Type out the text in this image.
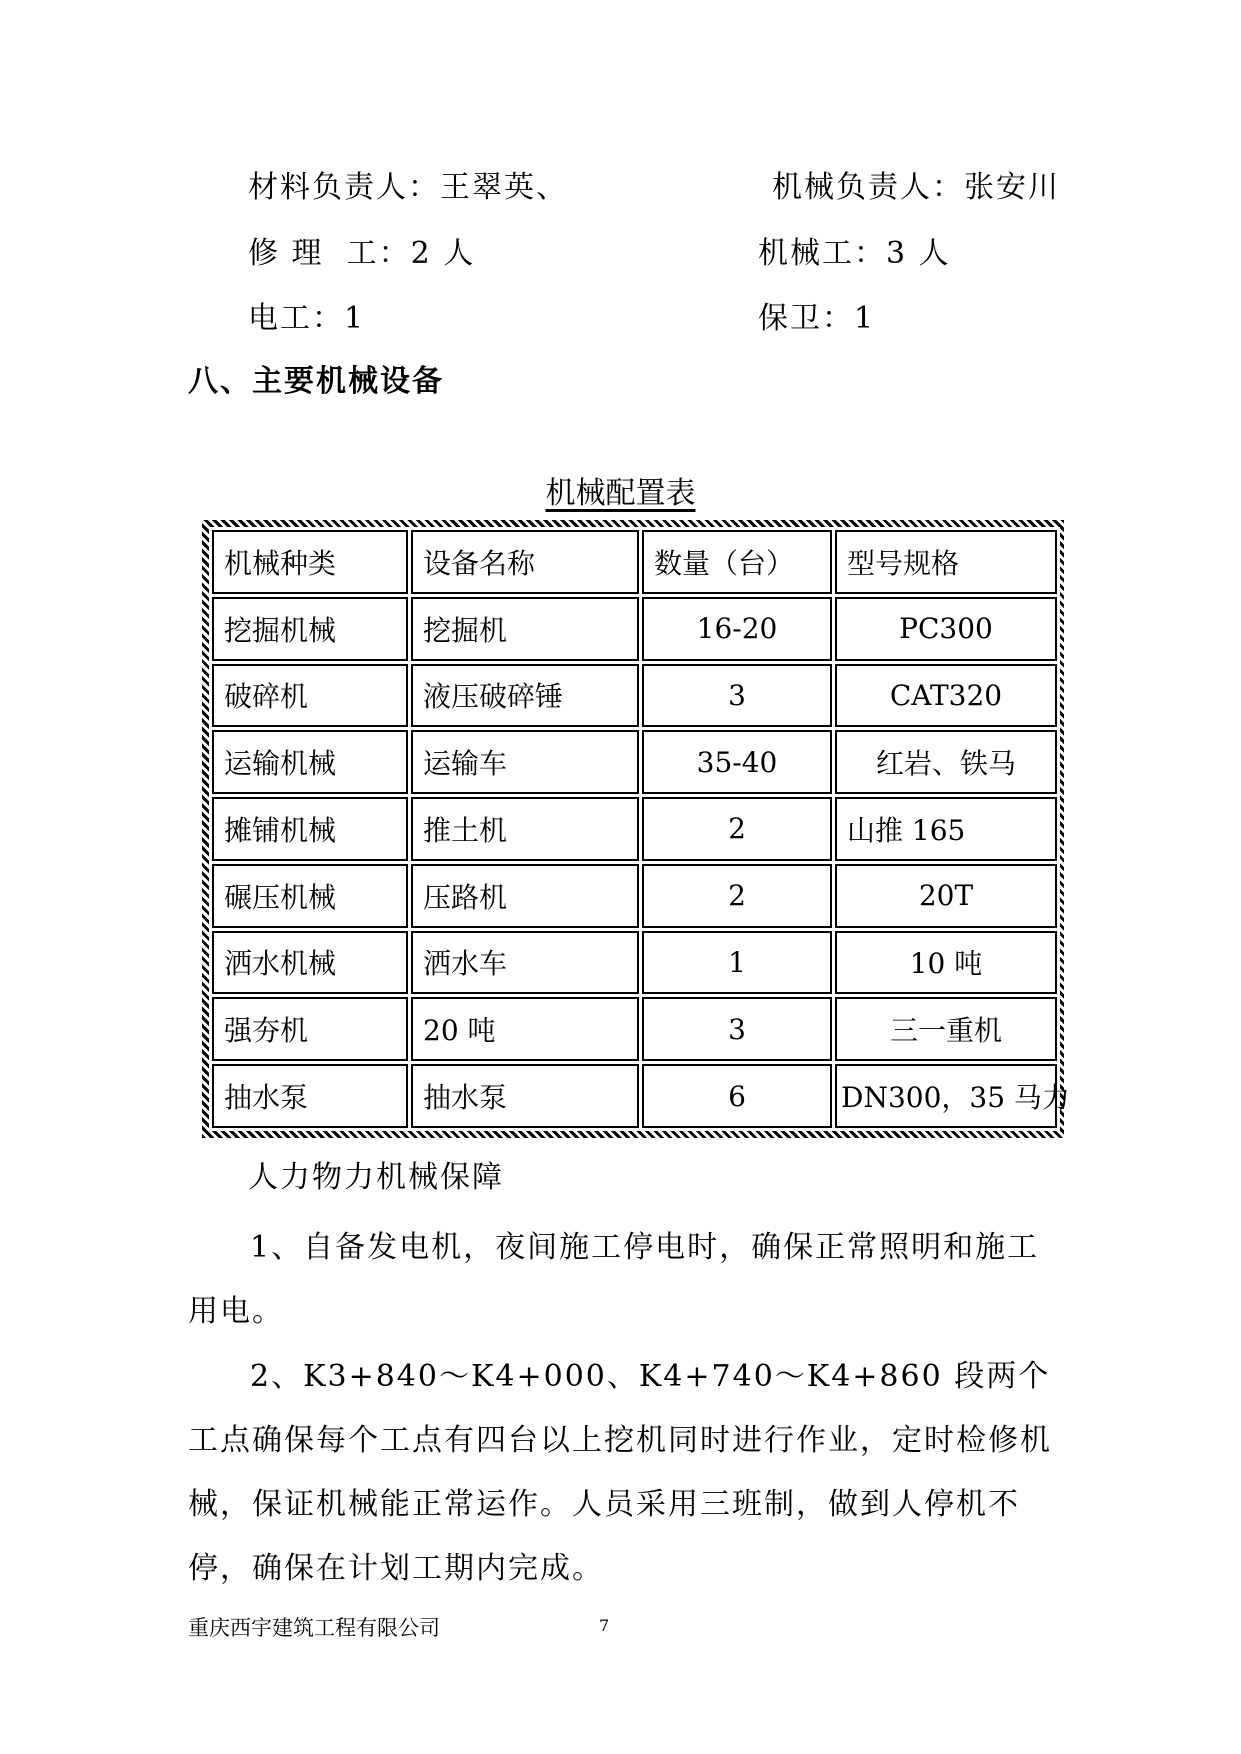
材料负责人：王翠英、	机械负责人：张安川
修 理  工：2 人	机械工：3 人
电工：1	保卫：1
八、主要机械设备
机械配置表
机械种类	设备名称	数量（台）	型号规格
挖掘机械	挖掘机	16-20	PC300
破碎机	液压破碎锤	3	CAT320
运输机械	运输车	35-40	红岩、铁马
摊铺机械	推土机	2	山推 165
碾压机械	压路机	2	20T
洒水机械	洒水车	1	10 吨
强夯机	20 吨	3	三一重机
抽水泵	抽水泵	6	DN300，35 马力
人力物力机械保障
1、自备发电机，夜间施工停电时，确保正常照明和施工用电。
2、K3+840～K4+000、K4+740～K4+860 段两个工点确保每个工点有四台以上挖机同时进行作业，定时检修机械，保证机械能正常运作。人员采用三班制，做到人停机不停，确保在计划工期内完成。
重庆西宇建筑工程有限公司	7
